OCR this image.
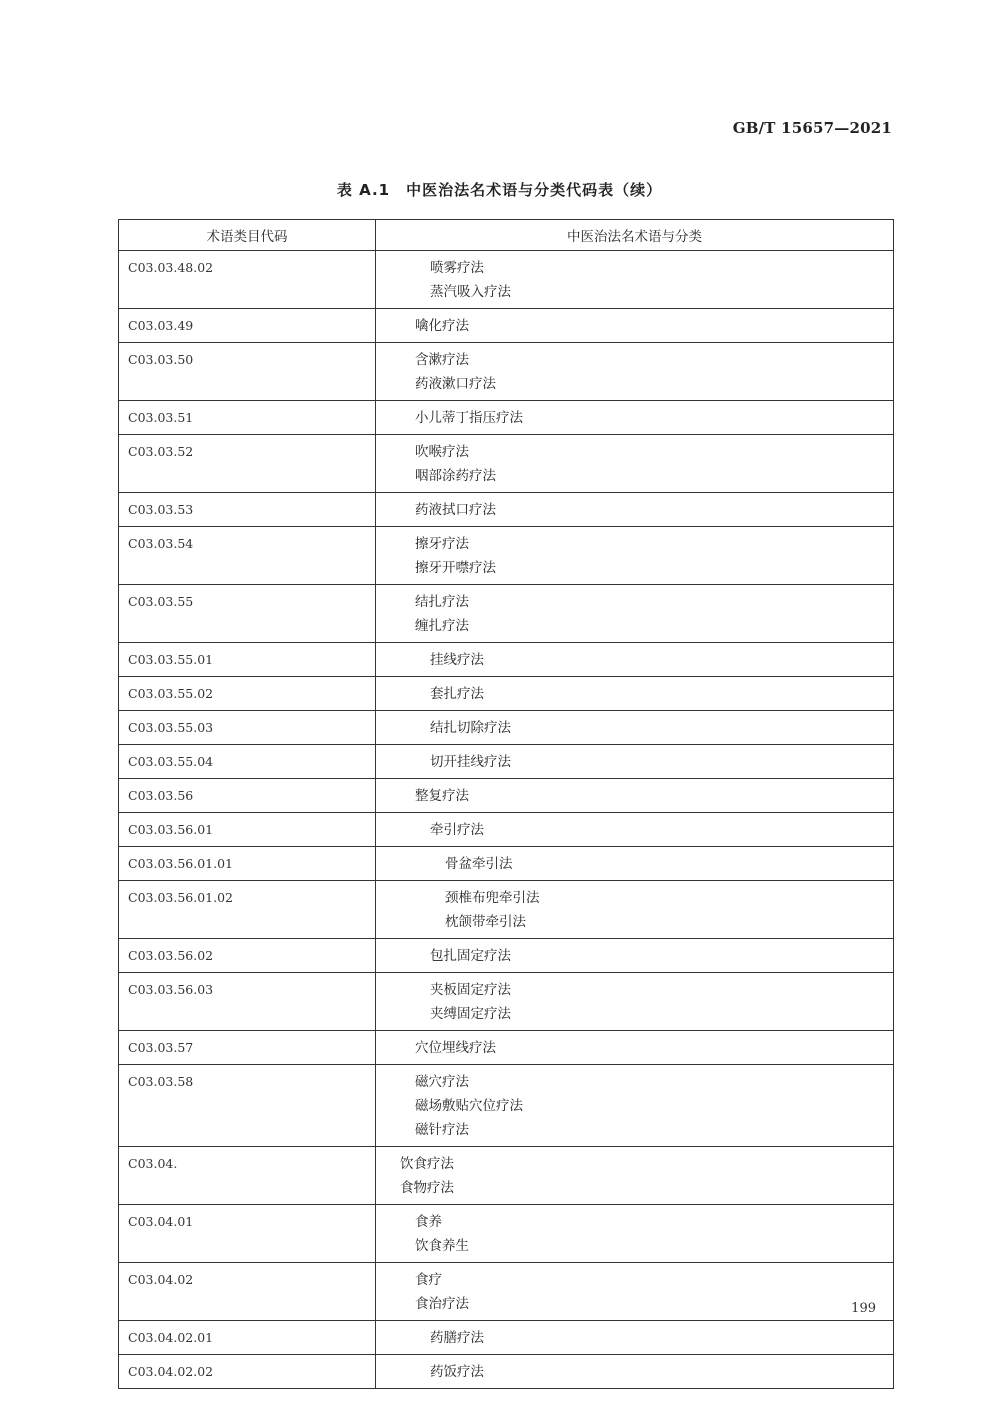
GB/T 15657—2021
表 A.1　中医治法名术语与分类代码表（续）
术语类目代码	中医治法名术语与分类
C03.03.48.02	喷雾疗法
蒸汽吸入疗法

C03.03.49	噙化疗法

C03.03.50	含漱疗法
药液漱口疗法

C03.03.51	小儿蒂丁指压疗法

C03.03.52	吹喉疗法
咽部涂药疗法

C03.03.53	药液拭口疗法

C03.03.54	擦牙疗法
擦牙开噤疗法

C03.03.55	结扎疗法
缠扎疗法

C03.03.55.01	挂线疗法

C03.03.55.02	套扎疗法

C03.03.55.03	结扎切除疗法

C03.03.55.04	切开挂线疗法

C03.03.56	整复疗法

C03.03.56.01	牵引疗法

C03.03.56.01.01	骨盆牵引法

C03.03.56.01.02	颈椎布兜牵引法
枕颌带牵引法

C03.03.56.02	包扎固定疗法

C03.03.56.03	夹板固定疗法
夹缚固定疗法

C03.03.57	穴位埋线疗法

C03.03.58	磁穴疗法
磁场敷贴穴位疗法
磁针疗法

C03.04.	饮食疗法
食物疗法

C03.04.01	食养
饮食养生

C03.04.02	食疗
食治疗法

C03.04.02.01	药膳疗法

C03.04.02.02	药饭疗法
199
